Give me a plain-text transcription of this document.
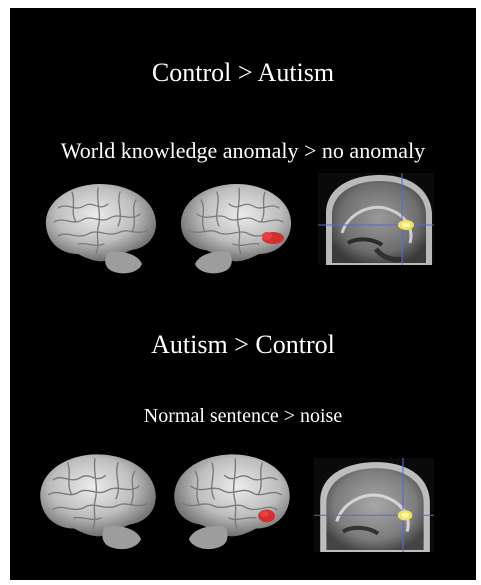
Control > Autism
World knowledge anomaly > no anomaly
Autism > Control
Normal sentence > noise
